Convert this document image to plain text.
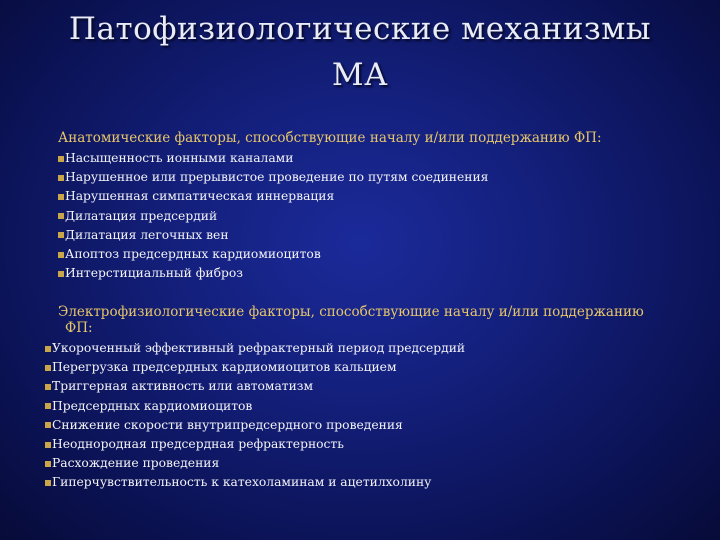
Патофизиологические механизмы
МА
Анатомические факторы, способствующие началу и/или поддержанию ФП:
Насыщенность ионными каналами
Нарушенное или прерывистое проведение по путям соединения
Нарушенная симпатическая иннервация
Дилатация предсердий
Дилатация легочных вен
Апоптоз предсердных кардиомиоцитов
Интерстициальный фиброз
Электрофизиологические факторы, способствующие началу и/или поддержанию
ФП:
Укороченный эффективный рефрактерный период предсердий
Перегрузка предсердных кардиомиоцитов кальцием
Триггерная активность или автоматизм
Предсердных кардиомиоцитов
Снижение скорости внутрипредсердного проведения
Неоднородная предсердная рефрактерность
Расхождение проведения
Гиперчувствительность к катехоламинам и ацетилхолину
